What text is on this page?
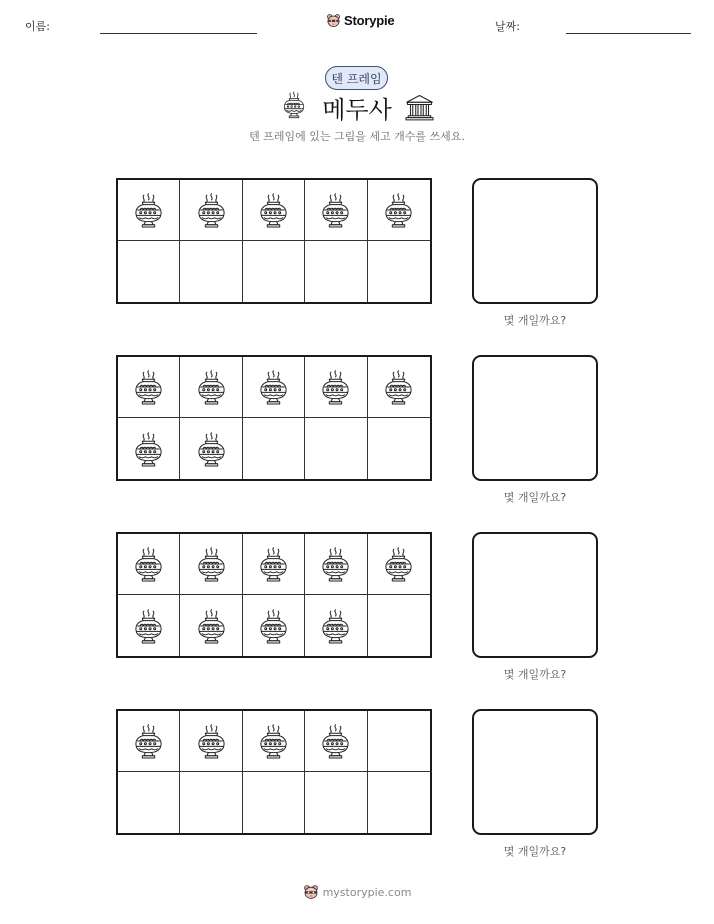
이름:	Storypie	날짜:
텐 프레임
메두사
텐 프레임에 있는 그림을 세고 개수를 쓰세요.
몇 개일까요?
몇 개일까요?
몇 개일까요?
몇 개일까요?
mystorypie.com
